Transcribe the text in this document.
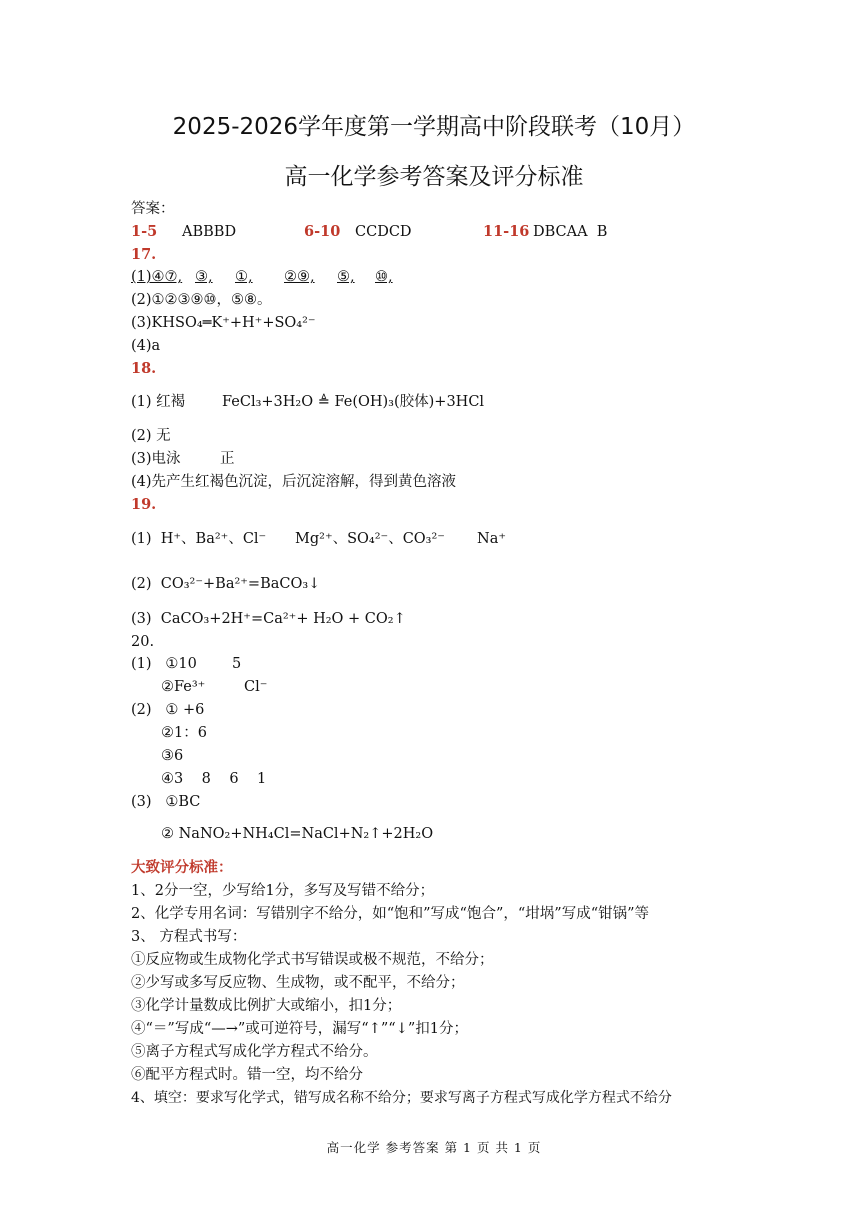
2025-2026学年度第一学期高中阶段联考（10月）
高一化学参考答案及评分标准
答案：
1-5 ABBBD	6-10 CCDCD	11-16 DBCAA  B
17.
(1)④⑦, ③, ①, ②⑨, ⑤, ⑩,
(2)①②③⑨⑩，⑤⑧。
(3)KHSO₄═K⁺+H⁺+SO₄²⁻
(4)a
18.
(1) 红褐	FeCl₃+3H₂O ≜ Fe(OH)₃(胶体)+3HCl
(2) 无
(3)电泳	正
(4)先产生红褐色沉淀，后沉淀溶解，得到黄色溶液
19.
(1)  H⁺、Ba²⁺、Cl⁻ Mg²⁺、SO₄²⁻、CO₃²⁻ Na⁺
(2)  CO₃²⁻+Ba²⁺=BaCO₃↓
(3)  CaCO₃+2H⁺=Ca²⁺+ H₂O + CO₂↑
20.
(1)   ①10 5
②Fe³⁺	Cl⁻
(2)   ① +6
②1：6
③6
④3    8    6    1
(3)   ①BC
② NaNO₂+NH₄Cl=NaCl+N₂↑+2H₂O
大致评分标准：
1、2分一空，少写给1分，多写及写错不给分；
2、化学专用名词：写错别字不给分，如“饱和”写成“饱合”，“坩埚”写成“钳锅”等
3、 方程式书写：
①反应物或生成物化学式书写错误或极不规范，不给分；
②少写或多写反应物、生成物，或不配平，不给分；
③化学计量数成比例扩大或缩小，扣1分；
④“＝”写成“—→”或可逆符号，漏写“↑”“↓”扣1分；
⑤离子方程式写成化学方程式不给分。
⑥配平方程式时。错一空，均不给分
4、填空：要求写化学式，错写成名称不给分；要求写离子方程式写成化学方程式不给分
高一化学 参考答案 第 1 页 共 1 页
